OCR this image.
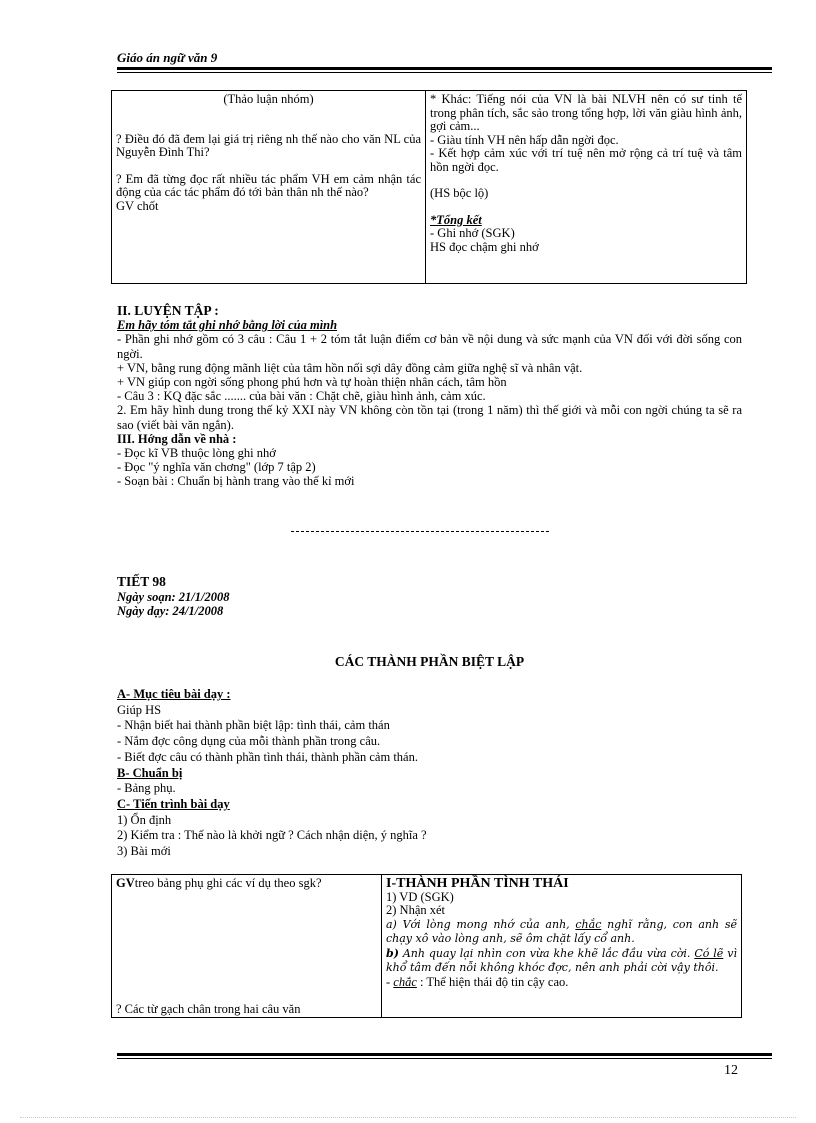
Giáo án ngữ văn 9
(Thảo luận nhóm)
? Điều đó đã đem lại giá trị riêng nh thế nào cho văn NL của Nguyễn Đình Thi?
? Em đã từng đọc rất nhiều tác phẩm VH em cảm nhận tác động của các tác phẩm đó tới bản thân nh thế nào?
GV chốt

* Khác: Tiếng nói của VN là bài NLVH nên có sư tinh tế trong phân tích, sắc sảo trong tổng hợp, lời văn giàu hình ảnh, gợi cảm...
- Giàu tính VH nên hấp dẫn ngời đọc.
- Kết hợp cảm xúc với trí tuệ nên mở rộng cả trí tuệ và tâm hồn ngời đọc.
(HS bộc lộ)
*Tổng kết
- Ghi nhớ (SGK)
HS đọc chậm ghi nhớ
II. LUYỆN TẬP :
Em hãy tóm tắt ghi nhớ bằng lời của mình
- Phần ghi nhớ gồm có 3 câu : Câu 1 + 2 tóm tắt luận điểm cơ bản về nội dung và sức mạnh của VN đối với đời sống con ngời.
+ VN, bằng rung động mãnh liệt của tâm hồn nối sợi dây đồng cảm giữa nghệ sĩ và nhân vật.
+ VN giúp con ngời sống phong phú hơn và tự hoàn thiện nhân cách, tâm hồn
- Câu 3 : KQ đặc sắc ....... của bài văn : Chặt chẽ, giàu hình ảnh, cảm xúc.
2. Em hãy hình dung trong thế kỷ XXI này VN không còn tồn tại (trong 1 năm) thì thế giới và mỗi con ngời chúng ta sẽ ra sao (viết bài văn ngắn).
III. Hớng dẫn về nhà :
- Đọc kĩ VB thuộc lòng ghi nhớ
- Đọc "ý nghĩa văn chơng" (lớp 7 tập 2)
- Soạn bài : Chuẩn bị hành trang vào thế kỉ mới
TIẾT 98
Ngày soạn: 21/1/2008
Ngày dạy: 24/1/2008
CÁC THÀNH PHẦN BIỆT LẬP
A- Mục tiêu bài dạy :
Giúp HS
- Nhận biết hai thành phần biệt lập: tình thái, cảm thán
- Nắm đợc công dụng của mỗi thành phần trong câu.
- Biết đợc câu có thành phần tình thái, thành phần cảm thán.
B- Chuẩn bị
- Bảng phụ.
C- Tiến trình bài dạy
1) Ổn định
2) Kiểm tra : Thế nào là khởi ngữ ? Cách nhận diện, ý nghĩa ?
3) Bài mới
GVtreo bảng phụ ghi các ví dụ theo sgk?
? Các từ gạch chân trong hai câu văn

I-THÀNH PHẦN TÌNH THÁI
1) VD (SGK)
2) Nhận xét
a) Với lòng mong nhớ của anh, chắc nghĩ rằng, con anh sẽ chạy xô vào lòng anh, sẽ ôm chặt lấy cổ anh.
b) Anh quay lại nhìn con vừa khe khẽ lắc đầu vừa cời. Có lẽ vì khổ tâm đến nỗi không khóc đợc, nên anh phải cời vậy thôi.
- chắc : Thể hiện thái độ tin cậy cao.
12
